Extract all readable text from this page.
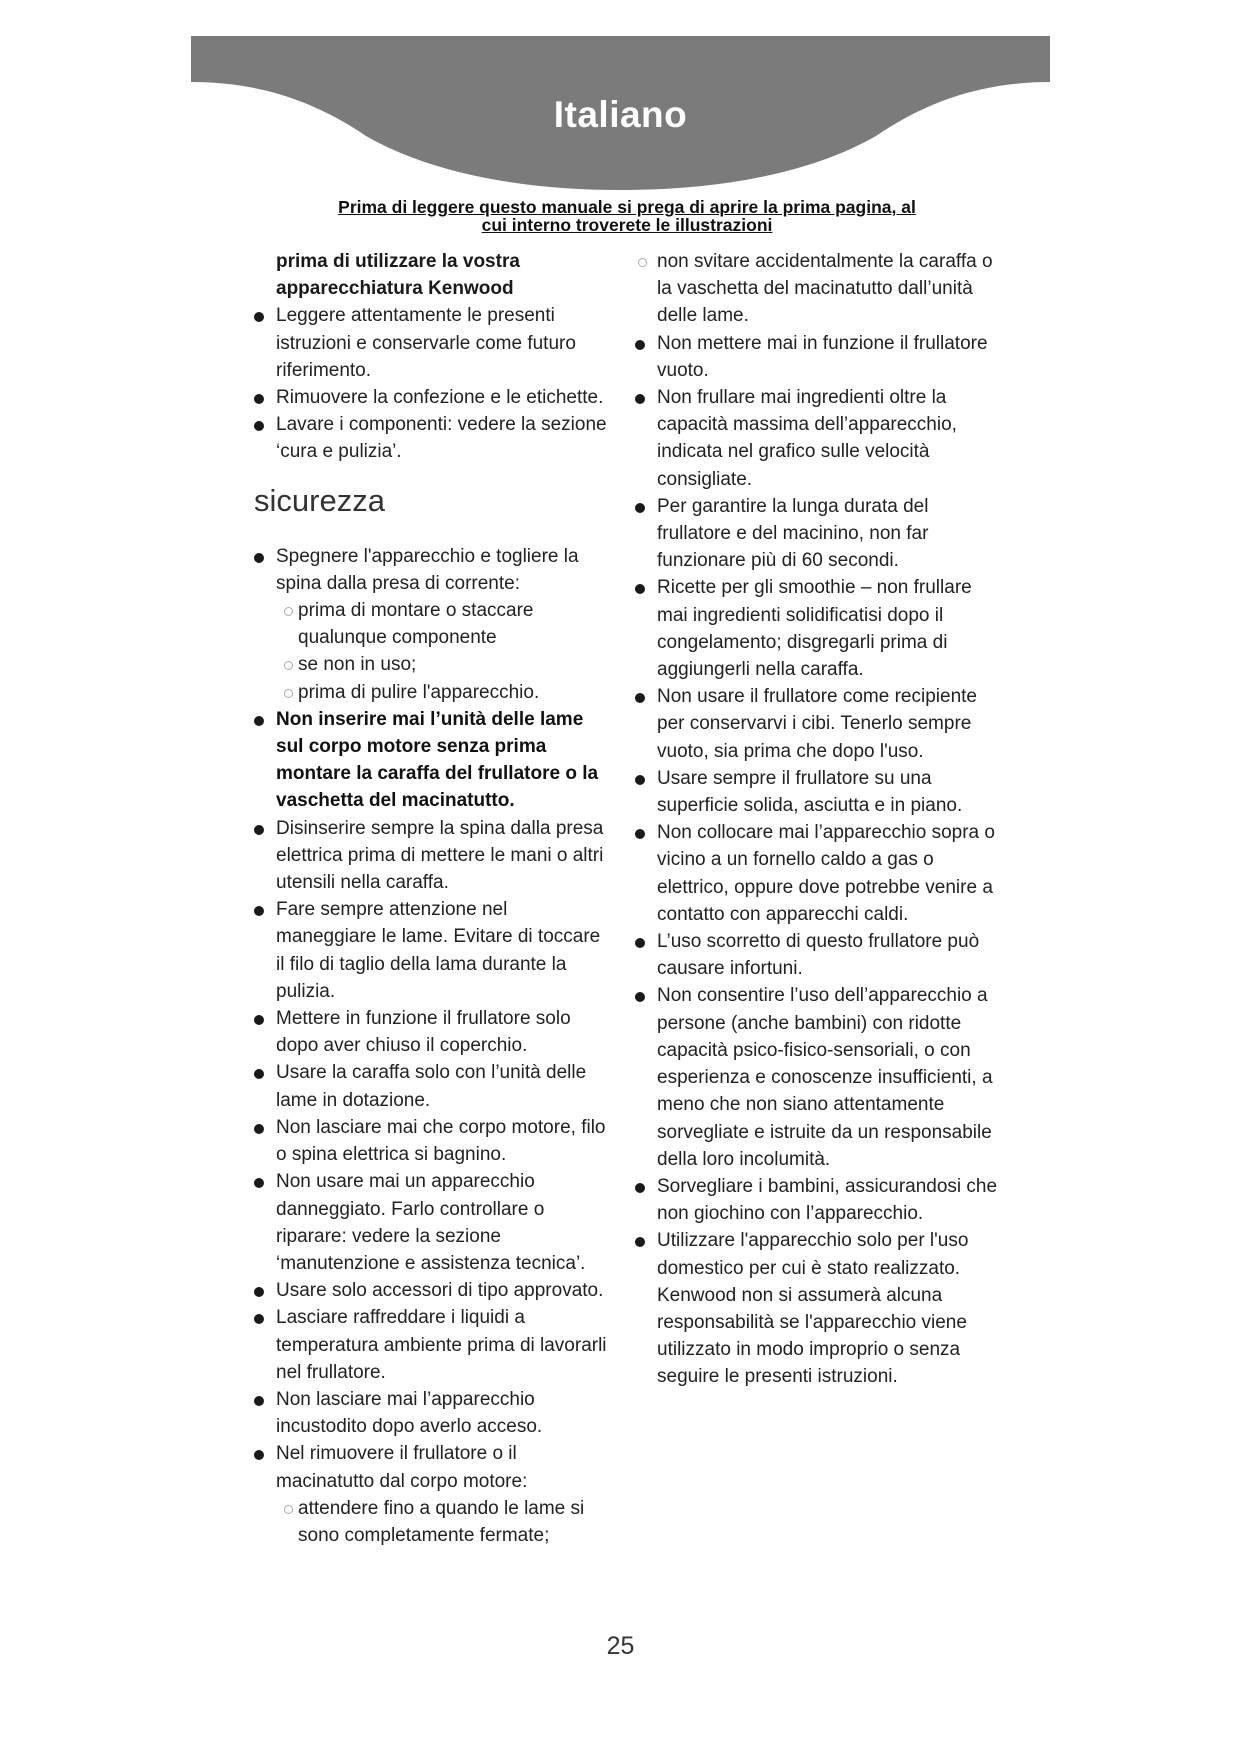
Italiano
Prima di leggere questo manuale si prega di aprire la prima pagina, al
cui interno troverete le illustrazioni
prima di utilizzare la vostra apparecchiatura Kenwood
Leggere attentamente le presenti istruzioni e conservarle come futuro riferimento.
Rimuovere la confezione e le etichette.
Lavare i componenti: vedere la sezione ‘cura e pulizia’.
sicurezza
Spegnere l'apparecchio e togliere la spina dalla presa di corrente:
prima di montare o staccare qualunque componente
se non in uso;
prima di pulire l'apparecchio.
Non inserire mai l’unità delle lame sul corpo motore senza prima montare la caraffa del frullatore o la vaschetta del macinatutto.
Disinserire sempre la spina dalla presa elettrica prima di mettere le mani o altri utensili nella caraffa.
Fare sempre attenzione nel maneggiare le lame. Evitare di toccare il filo di taglio della lama durante la pulizia.
Mettere in funzione il frullatore solo dopo aver chiuso il coperchio.
Usare la caraffa solo con l’unità delle lame in dotazione.
Non lasciare mai che corpo motore, filo o spina elettrica si bagnino.
Non usare mai un apparecchio danneggiato. Farlo controllare o riparare: vedere la sezione ‘manutenzione e assistenza tecnica’.
Usare solo accessori di tipo approvato.
Lasciare raffreddare i liquidi a temperatura ambiente prima di lavorarli nel frullatore.
Non lasciare mai l’apparecchio incustodito dopo averlo acceso.
Nel rimuovere il frullatore o il macinatutto dal corpo motore:
attendere fino a quando le lame si sono completamente fermate;
non svitare accidentalmente la caraffa o la vaschetta del macinatutto dall’unità delle lame.
Non mettere mai in funzione il frullatore vuoto.
Non frullare mai ingredienti oltre la capacità massima dell’apparecchio, indicata nel grafico sulle velocità consigliate.
Per garantire la lunga durata del frullatore e del macinino, non far funzionare più di 60 secondi.
Ricette per gli smoothie – non frullare mai ingredienti solidificatisi dopo il congelamento; disgregarli prima di aggiungerli nella caraffa.
Non usare il frullatore come recipiente per conservarvi i cibi. Tenerlo sempre vuoto, sia prima che dopo l'uso.
Usare sempre il frullatore su una superficie solida, asciutta e in piano.
Non collocare mai l’apparecchio sopra o vicino a un fornello caldo a gas o elettrico, oppure dove potrebbe venire a contatto con apparecchi caldi.
L’uso scorretto di questo frullatore può causare infortuni.
Non consentire l’uso dell’apparecchio a persone (anche bambini) con ridotte capacità psico-fisico-sensoriali, o con esperienza e conoscenze insufficienti, a meno che non siano attentamente sorvegliate e istruite da un responsabile della loro incolumità.
Sorvegliare i bambini, assicurandosi che non giochino con l’apparecchio.
Utilizzare l'apparecchio solo per l'uso domestico per cui è stato realizzato. Kenwood non si assumerà alcuna responsabilità se l'apparecchio viene utilizzato in modo improprio o senza seguire le presenti istruzioni.
25
